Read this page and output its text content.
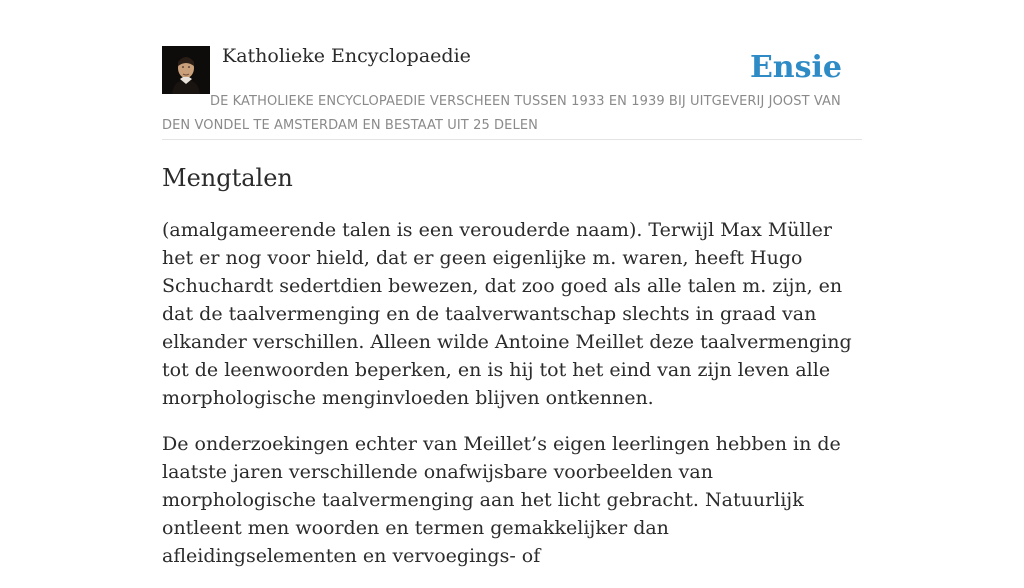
Katholieke Encyclopaedie	Ensie
DE KATHOLIEKE ENCYCLOPAEDIE VERSCHEEN TUSSEN 1933 EN 1939 BIJ UITGEVERIJ JOOST VAN DEN VONDEL TE AMSTERDAM EN BESTAAT UIT 25 DELEN
Mengtalen

(amalgameerende talen is een verouderde naam). Terwijl Max Müller het er nog voor hield, dat er geen eigenlijke m. waren, heeft Hugo Schuchardt sedertdien bewezen, dat zoo goed als alle talen m. zijn, en dat de taalvermenging en de taalverwantschap slechts in graad van elkander verschillen. Alleen wilde Antoine Meillet deze taalvermenging tot de leenwoorden beperken, en is hij tot het eind van zijn leven alle morphologische menginvloeden blijven ontkennen.

De onderzoekingen echter van Meillet’s eigen leerlingen hebben in de laatste jaren verschillende onafwijsbare voorbeelden van morphologische taalvermenging aan het licht gebracht. Natuurlijk ontleent men woorden en termen gemakkelijker dan afleidingselementen en vervoegings- of
